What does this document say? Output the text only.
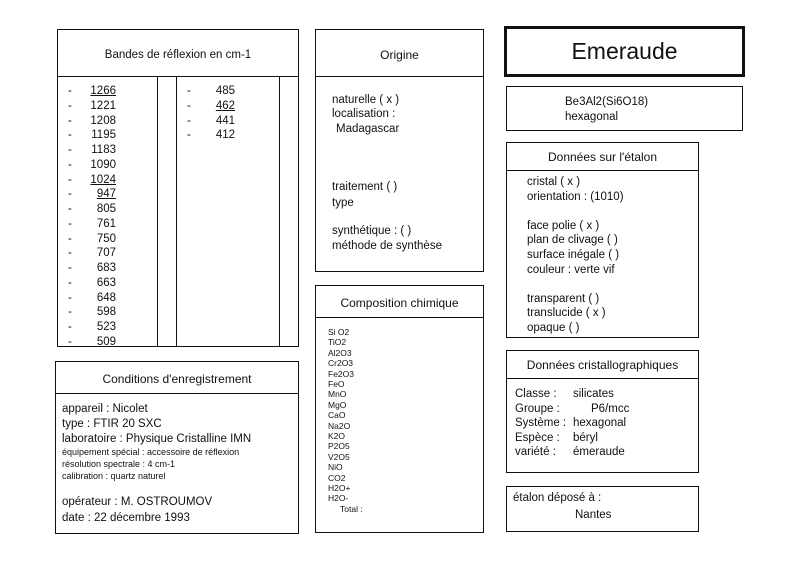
Bandes de réflexion en cm-1
- 1266
- 1221
- 1208
- 1195
- 1183
- 1090
- 1024
- 947
- 805
- 761
- 750
- 707
- 683
- 663
- 648
- 598
- 523
- 509
- 485
- 462
- 441
- 412
Origine
naturelle ( x )
localisation :
Madagascar
traitement ( )
type
synthétique : ( )
méthode de synthèse
Emeraude
Be3Al2(Si6O18)
hexagonal
Données sur l'étalon
cristal ( x )
orientation : (1010)
face polie ( x )
plan de clivage ( )
surface inégale ( )
couleur : verte vif
transparent ( )
translucide ( x )
opaque ( )
Composition chimique
Si O2
TiO2
Al2O3
Cr2O3
Fe2O3
FeO
MnO
MgO
CaO
Na2O
K2O
P2O5
V2O5
NiO
CO2
H2O+
H2O-
Total :
Conditions d'enregistrement
appareil : Nicolet
type : FTIR 20 SXC
laboratoire : Physique Cristalline IMN
équipement spécial : accessoire de réflexion
résolution spectrale : 4 cm-1
calibration : quartz naturel
opérateur : M. OSTROUMOV
date : 22 décembre 1993
Données cristallographiques
Classe : silicates
Groupe :	P6/mcc
Système : hexagonal
Espèce : béryl
variété : émeraude
étalon déposé à :
Nantes
